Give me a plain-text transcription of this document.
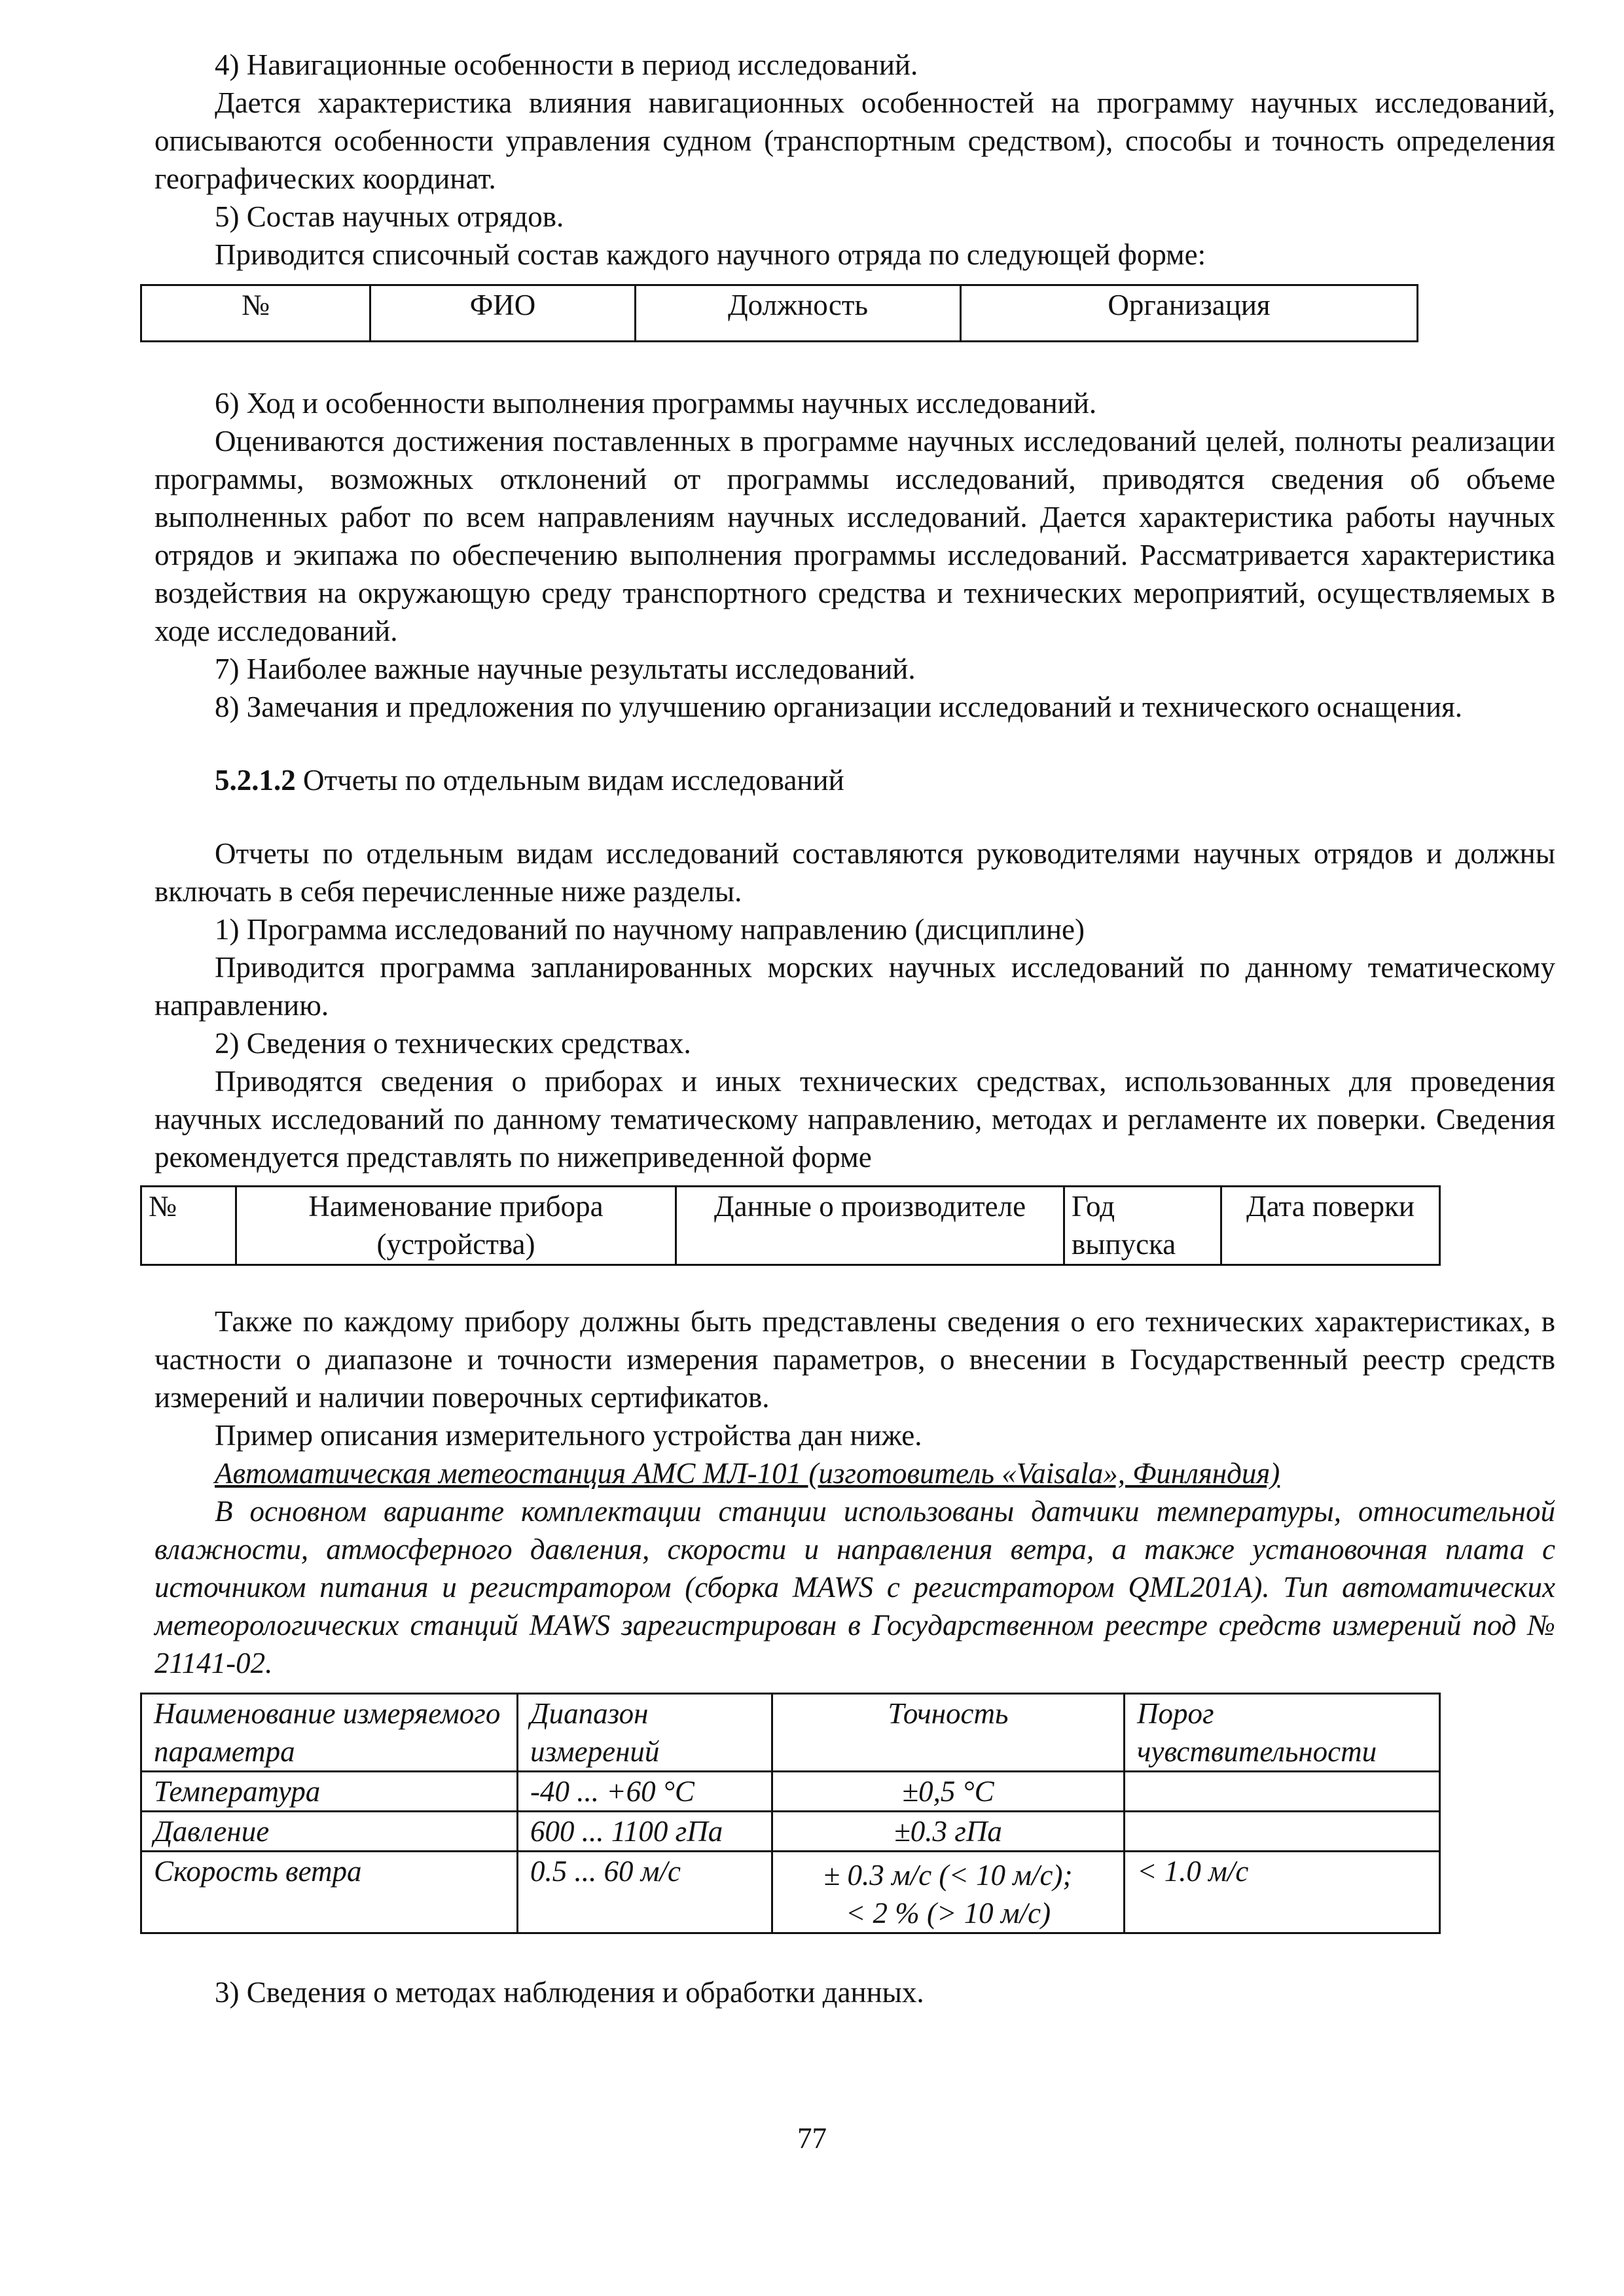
4) Навигационные особенности в период исследований.

Дается характеристика влияния навигационных особенностей на программу научных исследований, описываются особенности управления судном (транспортным средством), способы и точность определения географических координат.

5) Состав научных отрядов.

Приводится списочный состав каждого научного отряда по следующей форме:

№	ФИО	Должность	Организация

6) Ход и особенности выполнения программы научных исследований.

Оцениваются достижения поставленных в программе научных исследований целей, полноты реализации программы, возможных отклонений от программы исследований, приводятся сведения об объеме выполненных работ по всем направлениям научных исследований. Дается характеристика работы научных отрядов и экипажа по обеспечению выполнения программы исследований. Рассматривается характеристика воздействия на окружающую среду транспортного средства и технических мероприятий, осуществляемых в ходе исследований.

7) Наиболее важные научные результаты исследований.

8) Замечания и предложения по улучшению организации исследований и технического оснащения.

5.2.1.2 Отчеты по отдельным видам исследований

Отчеты по отдельным видам исследований составляются руководителями научных отрядов и должны включать в себя перечисленные ниже разделы.

1) Программа исследований по научному направлению (дисциплине)

Приводится программа запланированных морских научных исследований по данному тематическому направлению.

2) Сведения о технических средствах.

Приводятся сведения о приборах и иных технических средствах, использованных для проведения научных исследований по данному тематическому направлению, методах и регламенте их поверки. Сведения рекомендуется представлять по нижеприведенной форме

№	Наименование прибора (устройства)	Данные о производителе	Год выпуска	Дата поверки

Также по каждому прибору должны быть представлены сведения о его технических характеристиках, в частности о диапазоне и точности измерения параметров, о внесении в Государственный реестр средств измерений и наличии поверочных сертификатов.

Пример описания измерительного устройства дан ниже.

Автоматическая метеостанция АМС МЛ-101 (изготовитель «Vaisala», Финляндия)

В основном варианте комплектации станции использованы датчики температуры, относительной влажности, атмосферного давления, скорости и направления ветра, а также установочная плата с источником питания и регистратором (сборка MAWS с регистратором QML201A). Тип автоматических метеорологических станций MAWS зарегистрирован в Государственном реестре средств измерений под № 21141-02.

Наименование измеряемого параметра	Диапазон измерений	Точность	Порог чувствительности
Температура	-40 ... +60 °С	±0,5 °С	
Давление	600 ... 1100 гПа	±0.3 гПа	
Скорость ветра	0.5 ... 60 м/с	± 0.3 м/с (< 10 м/с); < 2 % (> 10 м/с)	< 1.0 м/с

3) Сведения о методах наблюдения и обработки данных.

77
